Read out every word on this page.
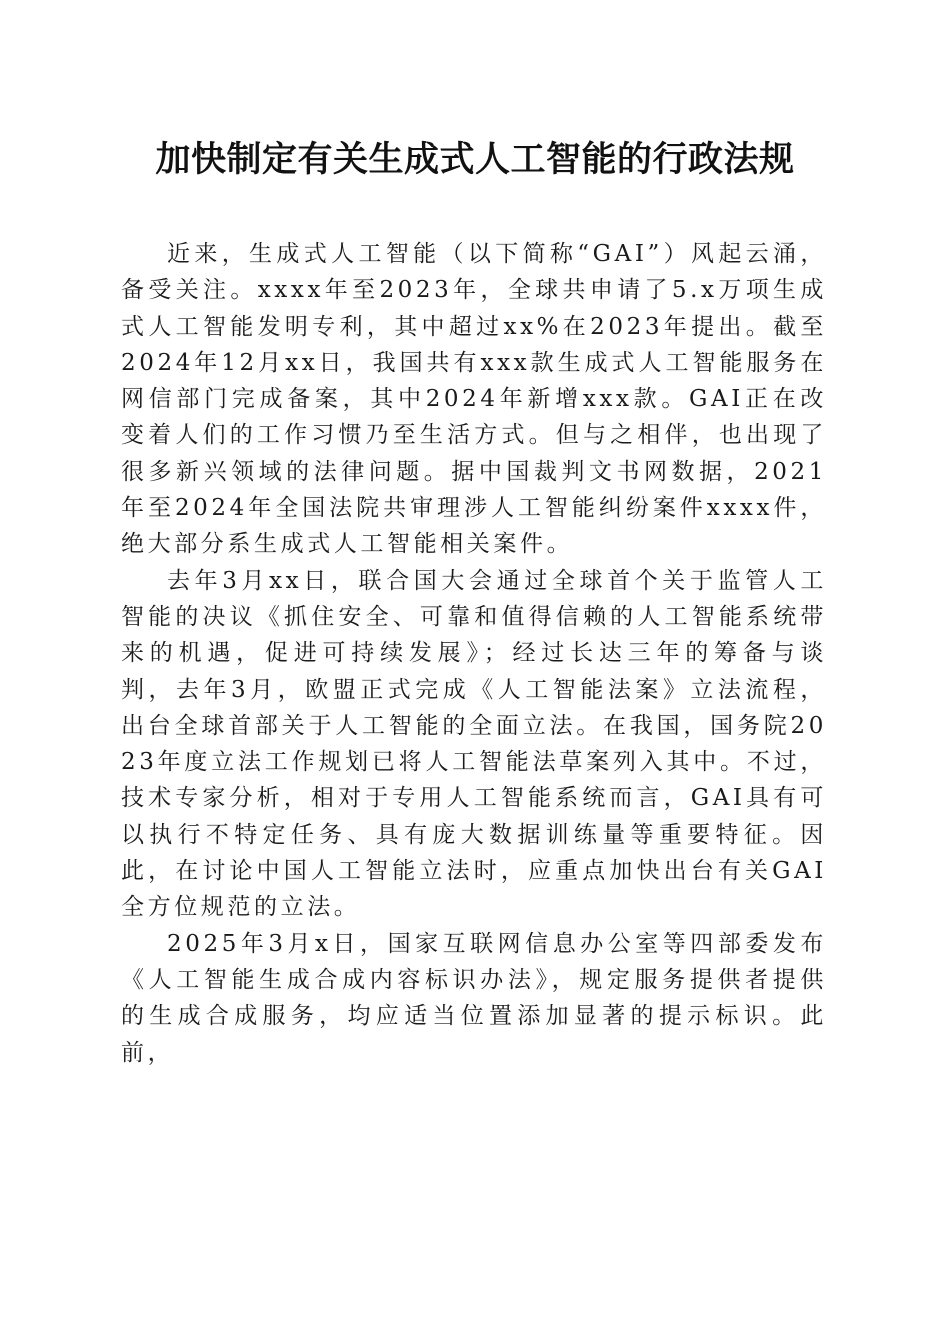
加快制定有关生成式人工智能的行政法规

近来，生成式人工智能（以下简称“GAI”）风起云涌，备受关注。xxxx年至2023年，全球共申请了5.x万项生成式人工智能发明专利，其中超过xx%在2023年提出。截至2024年12月xx日，我国共有xxx款生成式人工智能服务在网信部门完成备案，其中2024年新增xxx款。GAI正在改变着人们的工作习惯乃至生活方式。但与之相伴，也出现了很多新兴领域的法律问题。据中国裁判文书网数据，2021年至2024年全国法院共审理涉人工智能纠纷案件xxxx件，绝大部分系生成式人工智能相关案件。

去年3月xx日，联合国大会通过全球首个关于监管人工智能的决议《抓住安全、可靠和值得信赖的人工智能系统带来的机遇，促进可持续发展》；经过长达三年的筹备与谈判，去年3月，欧盟正式完成《人工智能法案》立法流程，出台全球首部关于人工智能的全面立法。在我国，国务院2023年度立法工作规划已将人工智能法草案列入其中。不过，技术专家分析，相对于专用人工智能系统而言，GAI具有可以执行不特定任务、具有庞大数据训练量等重要特征。因此，在讨论中国人工智能立法时，应重点加快出台有关GAI全方位规范的立法。

2025年3月x日，国家互联网信息办公室等四部委发布《人工智能生成合成内容标识办法》，规定服务提供者提供的生成合成服务，均应适当位置添加显著的提示标识。此前，
